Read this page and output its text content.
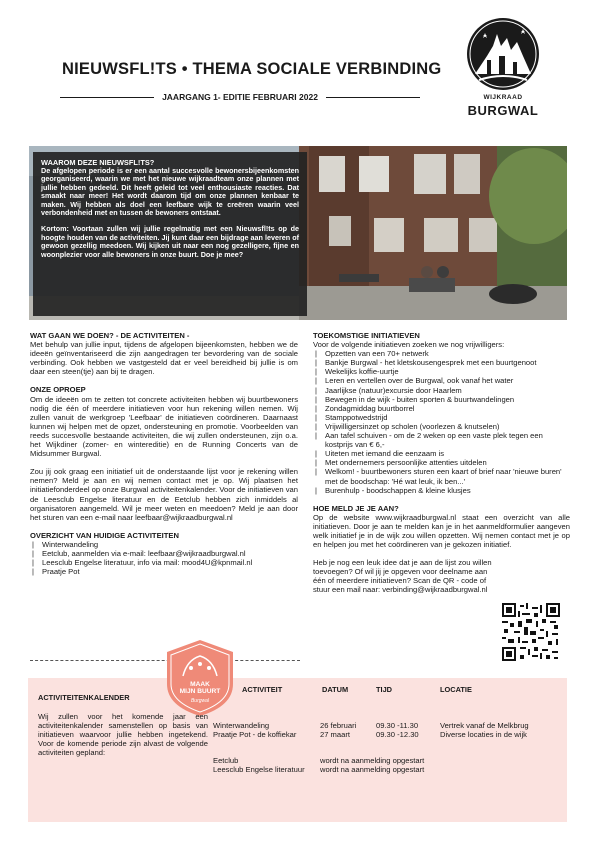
NIEUWSFL!TS • THEMA SOCIALE VERBINDING
JAARGANG 1- EDITIE FEBRUARI 2022	WIJKRAAD
BURGWAL
WAAROM DEZE NIEUWSFL!TS?

De afgelopen periode is er een aantal succesvolle bewonersbijeenkomsten georganiseerd, waarin we met het nieuwe wijkraadteam onze plannen met jullie hebben gedeeld. Dit heeft geleid tot veel enthousiaste reacties. Dat smaakt naar meer! Het wordt daarom tijd om onze plannen kenbaar te maken. Wij hebben als doel een leefbare wijk te creëren waarin veel verbondenheid met en tussen de bewoners ontstaat.

Kortom: Voortaan zullen wij jullie regelmatig met een Nieuwsfl!ts op de hoogte houden van de activiteiten. Jij kunt daar een bijdrage aan leveren of gewoon gezellig meedoen. Wij kijken uit naar een nog gezelligere, fijne en woonplezier voor alle bewoners in onze buurt. Doe je mee?

WAT GAAN WE DOEN? - DE ACTIVITEITEN -

Met behulp van jullie input, tijdens de afgelopen bijeenkomsten, hebben we de ideeën geïnventariseerd die zijn aangedragen ter bevordering van de sociale verbinding. Ook hebben we vastgesteld dat er veel bereidheid bij jullie is om daar een steen(tje) aan bij te dragen.

ONZE OPROEP

Om de ideeën om te zetten tot concrete activiteiten hebben wij buurtbewoners nodig die één of meerdere initiatieven voor hun rekening willen nemen. Wij zullen vanuit de werkgroep 'Leefbaar' de initiatieven coördineren. Daarnaast kunnen wij helpen met de opzet, ondersteuning en promotie. Voorbeelden van reeds succesvolle bestaande activiteiten, die wij zullen ondersteunen, zijn o.a. het Wijkdiner (zomer- en wintereditie) en de Running Concerts van de Midsummer Burgwal.

Zou jij ook graag een initiatief uit de onderstaande lijst voor je rekening willen nemen? Meld je aan en wij nemen contact met je op. Wij plaatsen het initiatiefonderdeel op onze Burgwal activiteitenkalender. Voor de initiatieven van de Leesclub Engelse literatuur en de Eetclub hebben zich inmiddels al organisatoren aangemeld. Wil je meer weten en meedoen? Meld je aan door het sturen van een e-mail naar leefbaar@wijkraadburgwal.nl

OVERZICHT VAN HUIDIGE ACTIVITEITEN
| Winterwandeling
| Eetclub, aanmelden via e-mail: leefbaar@wijkraadburgwal.nl
| Leesclub Engelse literatuur, info via mail: mood4U@kpnmail.nl
| Praatje Pot
TOEKOMSTIGE INITIATIEVEN

Voor de volgende initiatieven zoeken we nog vrijwilligers:

| Opzetten van een 70+ netwerk
| Bankje Burgwal - het kletskousengesprek met een buurtgenoot
| Wekelijks koffie-uurtje
| Leren en vertellen over de Burgwal, ook vanaf het water
| Jaarlijkse (natuur)excursie door Haarlem
| Bewegen in de wijk - buiten sporten & buurtwandelingen
| Zondagmiddag buurtborrel
| Stamppotwedstrijd
| Vrijwilligersinzet op scholen (voorlezen & knutselen)
| Aan tafel schuiven - om de 2 weken op een vaste plek tegen een kostprijs van € 6,-
| Uiteten met iemand die eenzaam is
| Met ondernemers persoonlijke attenties uitdelen
| Welkom! - buurtbewoners sturen een kaart of brief naar 'nieuwe buren' met de boodschap: 'Hé wat leuk, ik ben...'
| Burenhulp - boodschappen & kleine klusjes
HOE MELD JE JE AAN?

Op de website www.wijkraadburgwal.nl staat een overzicht van alle initiatieven. Door je aan te melden kan je in het aanmeldformulier aangeven welk initiatief je in de wijk zou willen opzetten. Wij nemen contact met je op en helpen jou met het coördineren van je gekozen initiatief.

Heb je nog een leuk idee dat je aan de lijst zou willen toevoegen? Of wil jij je opgeven voor deelname aan één of meerdere initiatieven? Scan de QR - code of stuur een mail naar: verbinding@wijkraadburgwal.nl

MAAK
MIJN BUURT
Burgwal
ACTIVITEITENKALENDER
Wij zullen voor het komende jaar een activiteitenkalender samenstellen op basis van initiatieven waarvoor jullie hebben ingetekend. Voor de komende periode zijn alvast de volgende activiteiten gepland:
ACTIVITEIT	DATUM	TIJD	LOCATIE
Winterwandeling	26 februari	09.30 -11.30	Vertrek vanaf de Melkbrug
Praatje Pot - de koffiekar	27 maart	09.30 -12.30	Diverse locaties in de wijk
Eetclub	wordt na aanmelding opgestart
Leesclub Engelse literatuur wordt na aanmelding opgestart
